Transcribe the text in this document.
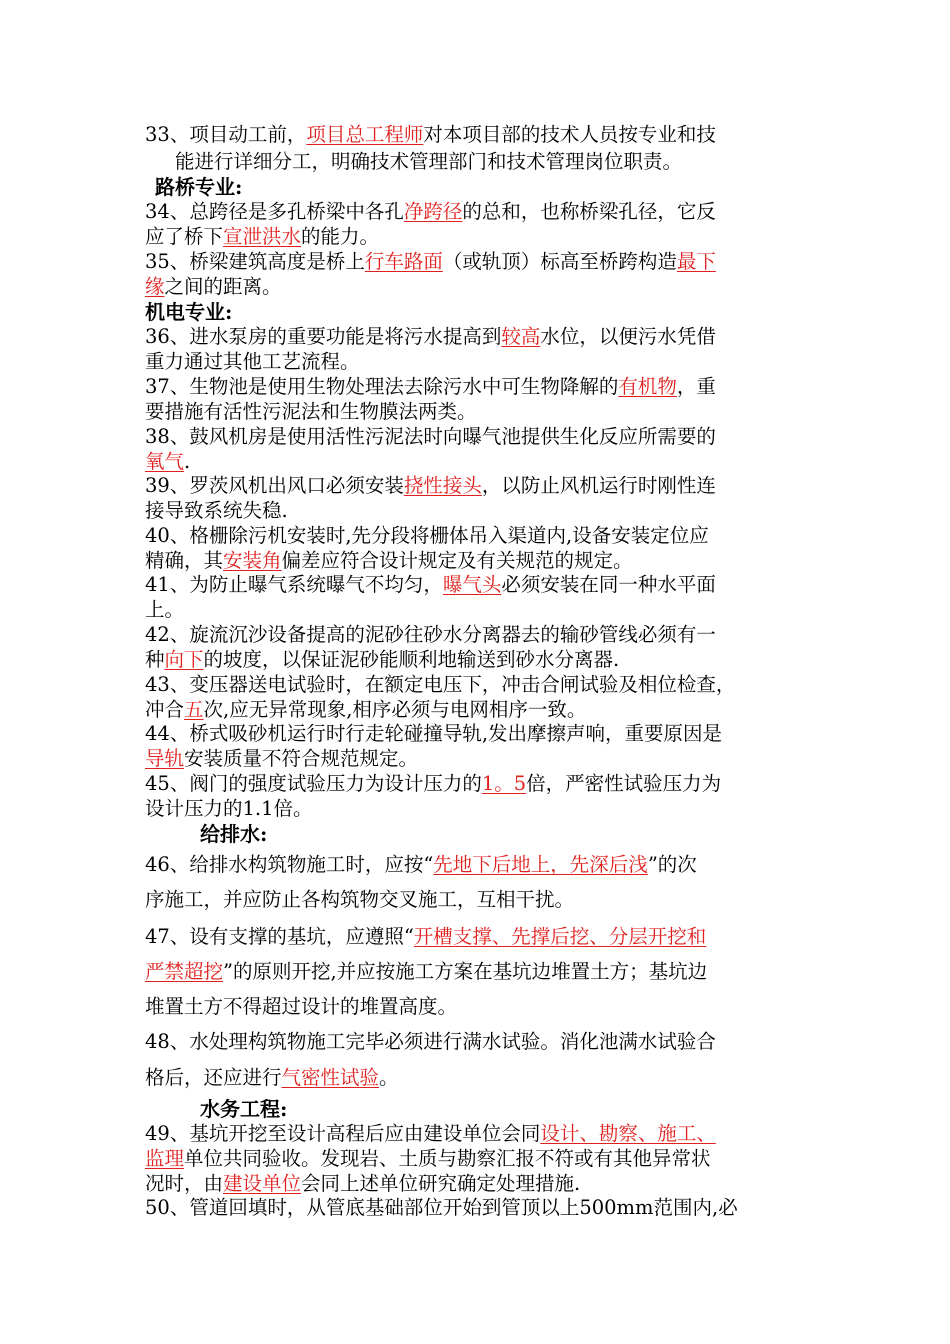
33、项目动工前，项目总工程师对本项目部的技术人员按专业和技
能进行详细分工，明确技术管理部门和技术管理岗位职责。
路桥专业:
34、总跨径是多孔桥梁中各孔净跨径的总和，也称桥梁孔径，它反
应了桥下宣泄洪水的能力。
35、桥梁建筑高度是桥上行车路面（或轨顶）标高至桥跨构造最下
缘之间的距离。
机电专业:
36、进水泵房的重要功能是将污水提高到较高水位，以便污水凭借
重力通过其他工艺流程。
37、生物池是使用生物处理法去除污水中可生物降解的有机物，重
要措施有活性污泥法和生物膜法两类。
38、鼓风机房是使用活性污泥法时向曝气池提供生化反应所需要的
氧气.
39、罗茨风机出风口必须安装挠性接头，以防止风机运行时刚性连
接导致系统失稳.
40、格栅除污机安装时,先分段将栅体吊入渠道内,设备安装定位应
精确，其安装角偏差应符合设计规定及有关规范的规定。
41、为防止曝气系统曝气不均匀，曝气头必须安装在同一种水平面
上。
42、旋流沉沙设备提高的泥砂往砂水分离器去的输砂管线必须有一
种向下的坡度，以保证泥砂能顺利地输送到砂水分离器.
43、变压器送电试验时，在额定电压下，冲击合闸试验及相位检查，
冲合五次,应无异常现象,相序必须与电网相序一致。
44、桥式吸砂机运行时行走轮碰撞导轨,发出摩擦声响，重要原因是
导轨安装质量不符合规范规定。
45、阀门的强度试验压力为设计压力的1。5倍，严密性试验压力为
设计压力的1.1倍。
给排水:
46、给排水构筑物施工时，应按“先地下后地上，先深后浅”的次
序施工，并应防止各构筑物交叉施工，互相干扰。
47、设有支撑的基坑，应遵照“开槽支撑、先撑后挖、分层开挖和
严禁超挖”的原则开挖,并应按施工方案在基坑边堆置土方；基坑边
堆置土方不得超过设计的堆置高度。
48、水处理构筑物施工完毕必须进行满水试验。消化池满水试验合
格后，还应进行气密性试验。
水务工程:
49、基坑开挖至设计高程后应由建设单位会同设计、勘察、施工、
监理单位共同验收。发现岩、土质与勘察汇报不符或有其他异常状
况时，由建设单位会同上述单位研究确定处理措施.
50、管道回填时，从管底基础部位开始到管顶以上500mm范围内,必
